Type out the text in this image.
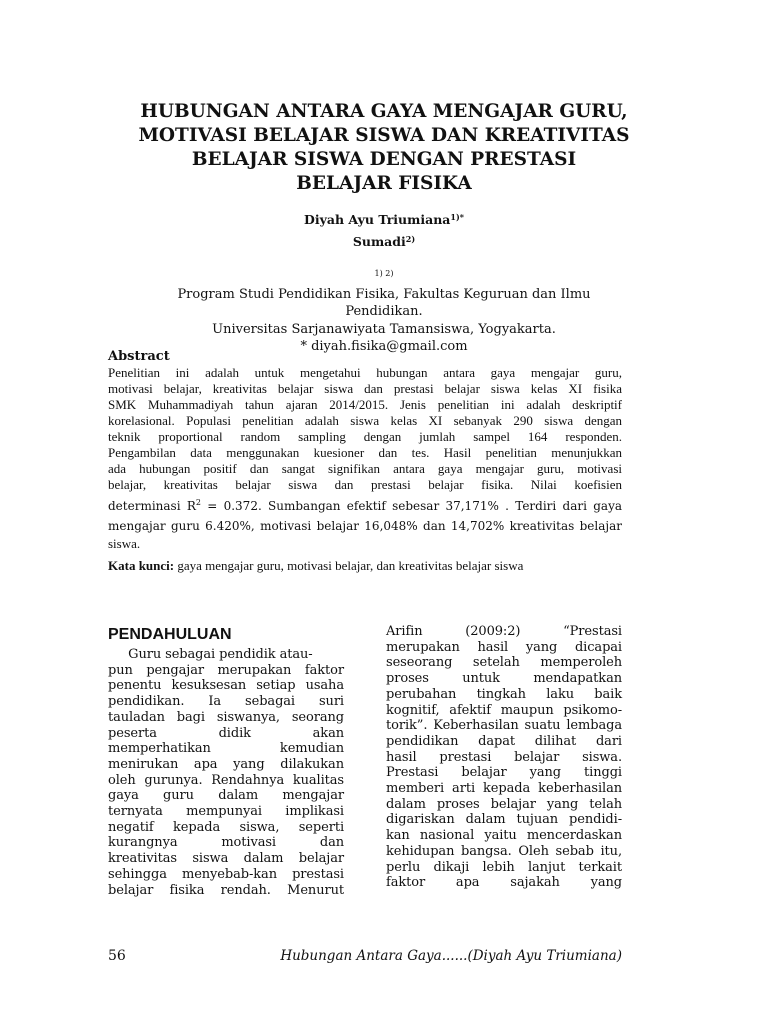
HUBUNGAN ANTARA GAYA MENGAJAR GURU,
MOTIVASI BELAJAR SISWA DAN KREATIVITAS
BELAJAR SISWA DENGAN PRESTASI
BELAJAR FISIKA
Diyah Ayu Triumiana$^{1)*}$
Sumadi$^{2)}$
$^{1) 2)}$
Program Studi Pendidikan Fisika, Fakultas Keguruan dan Ilmu
Pendidikan.
Universitas Sarjanawiyata Tamansiswa, Yogyakarta.
* diyah.fisika@gmail.com
Abstract
Penelitian ini adalah untuk mengetahui hubungan antara gaya mengajar guru,
motivasi belajar, kreativitas belajar siswa dan prestasi belajar siswa kelas XI fisika
SMK Muhammadiyah tahun ajaran 2014/2015. Jenis penelitian ini adalah deskriptif
korelasional. Populasi penelitian adalah siswa kelas XI sebanyak 290 siswa dengan
teknik proportional random sampling dengan jumlah sampel 164 responden.
Pengambilan data menggunakan kuesioner dan tes. Hasil penelitian menunjukkan
ada hubungan positif dan sangat signifikan antara gaya mengajar guru, motivasi
belajar, kreativitas belajar siswa dan prestasi belajar fisika. Nilai koefisien
determinasi $R^2 = 0.372$. Sumbangan efektif sebesar 37,171% . Terdiri dari gaya
mengajar guru 6.420%, motivasi belajar 16,048% dan 14,702% kreativitas belajar
siswa.
Kata kunci: gaya mengajar guru, motivasi belajar, dan kreativitas belajar siswa
PENDAHULUAN
Guru sebagai pendidik atau-
pun pengajar merupakan faktor
penentu kesuksesan setiap usaha
pendidikan. Ia sebagai suri
tauladan bagi siswanya, seorang
peserta didik akan
memperhatikan kemudian
menirukan apa yang dilakukan
oleh gurunya. Rendahnya kualitas
gaya guru dalam mengajar
ternyata mempunyai implikasi
negatif kepada siswa, seperti
kurangnya motivasi dan
kreativitas siswa dalam belajar
sehingga menyebab-kan prestasi
belajar fisika rendah. Menurut
Arifin (2009:2) “Prestasi
merupakan hasil yang dicapai
seseorang setelah memperoleh
proses untuk mendapatkan
perubahan tingkah laku baik
kognitif, afektif maupun psikomo-
torik”. Keberhasilan suatu lembaga
pendidikan dapat dilihat dari
hasil prestasi belajar siswa.
Prestasi belajar yang tinggi
memberi arti kepada keberhasilan
dalam proses belajar yang telah
digariskan dalam tujuan pendidi-
kan nasional yaitu mencerdaskan
kehidupan bangsa. Oleh sebab itu,
perlu dikaji lebih lanjut terkait
faktor apa sajakah yang
56	Hubungan Antara Gaya......(Diyah Ayu Triumiana)
